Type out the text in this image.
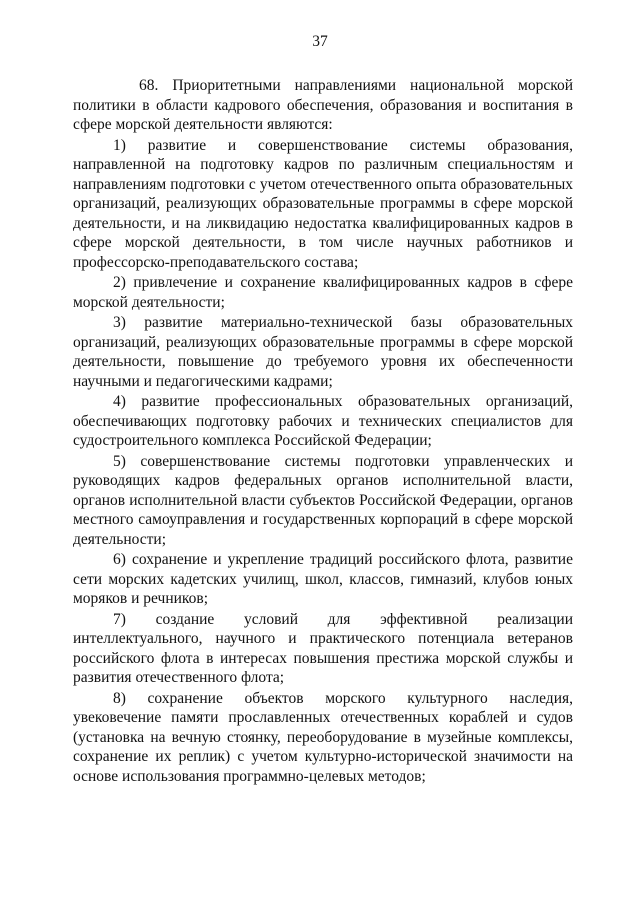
37

68. Приоритетными направлениями национальной морской политики в области кадрового обеспечения, образования и воспитания в сфере морской деятельности являются:

1) развитие и совершенствование системы образования, направленной на подготовку кадров по различным специальностям и направлениям подготовки с учетом отечественного опыта образовательных организаций, реализующих образовательные программы в сфере морской деятельности, и на ликвидацию недостатка квалифицированных кадров в сфере морской деятельности, в том числе научных работников и профессорско-преподавательского состава;
2) привлечение и сохранение квалифицированных кадров в сфере морской деятельности;
3) развитие материально-технической базы образовательных организаций, реализующих образовательные программы в сфере морской деятельности, повышение до требуемого уровня их обеспеченности научными и педагогическими кадрами;
4) развитие профессиональных образовательных организаций, обеспечивающих подготовку рабочих и технических специалистов для судостроительного комплекса Российской Федерации;
5) совершенствование системы подготовки управленческих и руководящих кадров федеральных органов исполнительной власти, органов исполнительной власти субъектов Российской Федерации, органов местного самоуправления и государственных корпораций в сфере морской деятельности;
6) сохранение и укрепление традиций российского флота, развитие сети морских кадетских училищ, школ, классов, гимназий, клубов юных моряков и речников;
7) создание условий для эффективной реализации интеллектуального, научного и практического потенциала ветеранов российского флота в интересах повышения престижа морской службы и развития отечественного флота;
8) сохранение объектов морского культурного наследия, увековечение памяти прославленных отечественных кораблей и судов (установка на вечную стоянку, переоборудование в музейные комплексы, сохранение их реплик) с учетом культурно-исторической значимости на основе использования программно-целевых методов;
